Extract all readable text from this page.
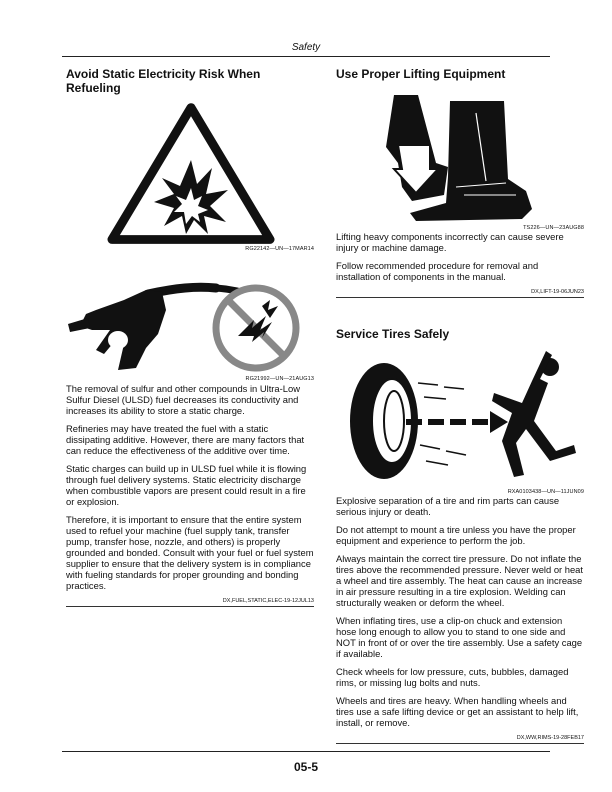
Safety
Avoid Static Electricity Risk When Refueling
RG22142—UN—17MAR14
RG21992—UN—21AUG13

The removal of sulfur and other compounds in Ultra-Low Sulfur Diesel (ULSD) fuel decreases its conductivity and increases its ability to store a static charge.

Refineries may have treated the fuel with a static dissipating additive. However, there are many factors that can reduce the effectiveness of the additive over time.

Static charges can build up in ULSD fuel while it is flowing through fuel delivery systems. Static electricity discharge when combustible vapors are present could result in a fire or explosion.

Therefore, it is important to ensure that the entire system used to refuel your machine (fuel supply tank, transfer pump, transfer hose, nozzle, and others) is properly grounded and bonded. Consult with your fuel or fuel system supplier to ensure that the delivery system is in compliance with fueling standards for proper grounding and bonding practices.

DX,FUEL,STATIC,ELEC-19-12JUL13
Use Proper Lifting Equipment
TS226—UN—23AUG88

Lifting heavy components incorrectly can cause severe injury or machine damage.

Follow recommended procedure for removal and installation of components in the manual.

DX,LIFT-19-06JUN23
Service Tires Safely
RXA0103438—UN—11JUN09

Explosive separation of a tire and rim parts can cause serious injury or death.

Do not attempt to mount a tire unless you have the proper equipment and experience to perform the job.

Always maintain the correct tire pressure. Do not inflate the tires above the recommended pressure. Never weld or heat a wheel and tire assembly. The heat can cause an increase in air pressure resulting in a tire explosion. Welding can structurally weaken or deform the wheel.

When inflating tires, use a clip-on chuck and extension hose long enough to allow you to stand to one side and NOT in front of or over the tire assembly. Use a safety cage if available.

Check wheels for low pressure, cuts, bubbles, damaged rims, or missing lug bolts and nuts.

Wheels and tires are heavy. When handling wheels and tires use a safe lifting device or get an assistant to help lift, install, or remove.

DX,WW,RIMS-19-28FEB17
05-5
